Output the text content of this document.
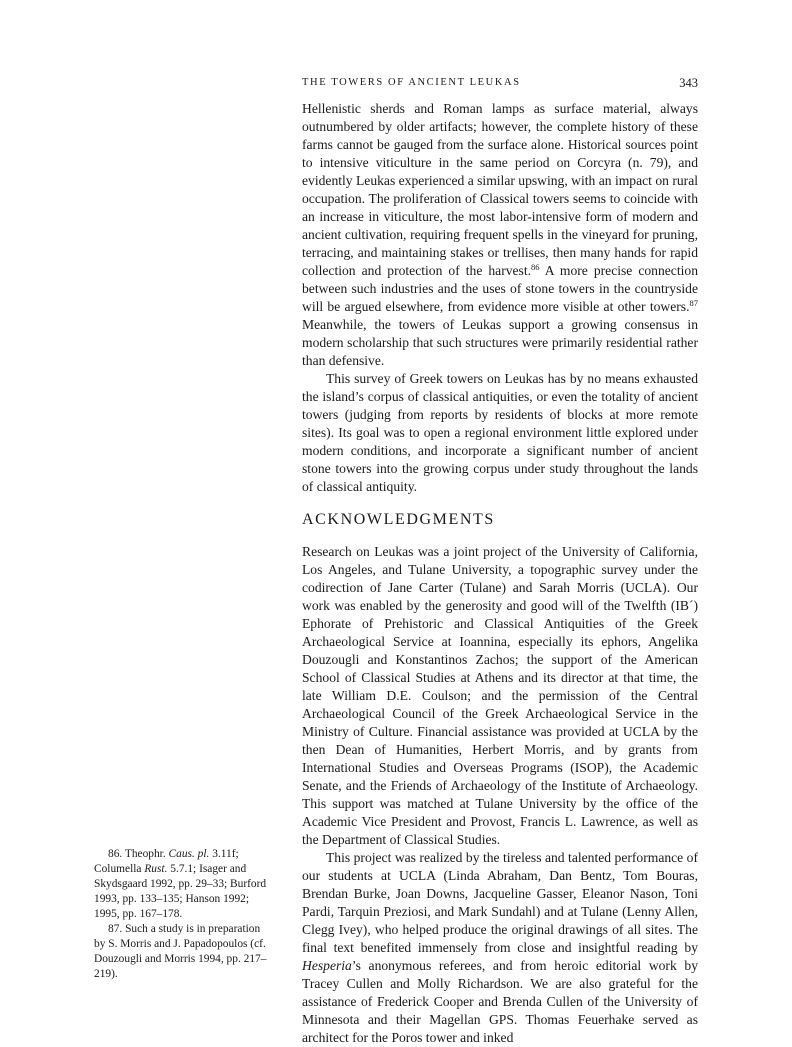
THE TOWERS OF ANCIENT LEUKAS	343

Hellenistic sherds and Roman lamps as surface material, always outnumbered by older artifacts; however, the complete history of these farms cannot be gauged from the surface alone. Historical sources point to intensive viticulture in the same period on Corcyra (n. 79), and evidently Leukas experienced a similar upswing, with an impact on rural occupation. The proliferation of Classical towers seems to coincide with an increase in viticulture, the most labor-intensive form of modern and ancient cultivation, requiring frequent spells in the vineyard for pruning, terracing, and maintaining stakes or trellises, then many hands for rapid collection and protection of the harvest.$^{86}$ A more precise connection between such industries and the uses of stone towers in the countryside will be argued elsewhere, from evidence more visible at other towers.$^{87}$ Meanwhile, the towers of Leukas support a growing consensus in modern scholarship that such structures were primarily residential rather than defensive.

This survey of Greek towers on Leukas has by no means exhausted the island’s corpus of classical antiquities, or even the totality of ancient towers (judging from reports by residents of blocks at more remote sites). Its goal was to open a regional environment little explored under modern conditions, and incorporate a significant number of ancient stone towers into the growing corpus under study throughout the lands of classical antiquity.

ACKNOWLEDGMENTS

Research on Leukas was a joint project of the University of California, Los Angeles, and Tulane University, a topographic survey under the codirection of Jane Carter (Tulane) and Sarah Morris (UCLA). Our work was enabled by the generosity and good will of the Twelfth (IB´) Ephorate of Prehistoric and Classical Antiquities of the Greek Archaeological Service at Ioannina, especially its ephors, Angelika Douzougli and Konstantinos Zachos; the support of the American School of Classical Studies at Athens and its director at that time, the late William D.E. Coulson; and the permission of the Central Archaeological Council of the Greek Archaeological Service in the Ministry of Culture. Financial assistance was provided at UCLA by the then Dean of Humanities, Herbert Morris, and by grants from International Studies and Overseas Programs (ISOP), the Academic Senate, and the Friends of Archaeology of the Institute of Archaeology. This support was matched at Tulane University by the office of the Academic Vice President and Provost, Francis L. Lawrence, as well as the Department of Classical Studies.

This project was realized by the tireless and talented performance of our students at UCLA (Linda Abraham, Dan Bentz, Tom Bouras, Brendan Burke, Joan Downs, Jacqueline Gasser, Eleanor Nason, Toni Pardi, Tarquin Preziosi, and Mark Sundahl) and at Tulane (Lenny Allen, Clegg Ivey), who helped produce the original drawings of all sites. The final text benefited immensely from close and insightful reading by Hesperia’s anonymous referees, and from heroic editorial work by Tracey Cullen and Molly Richardson. We are also grateful for the assistance of Frederick Cooper and Brenda Cullen of the University of Minnesota and their Magellan GPS. Thomas Feuerhake served as architect for the Poros tower and inked

86. Theophr. Caus. pl. 3.11f; Columella Rust. 5.7.1; Isager and Skydsgaard 1992, pp. 29–33; Burford 1993, pp. 133–135; Hanson 1992; 1995, pp. 167–178.

87. Such a study is in preparation by S. Morris and J. Papadopoulos (cf. Douzougli and Morris 1994, pp. 217–219).
